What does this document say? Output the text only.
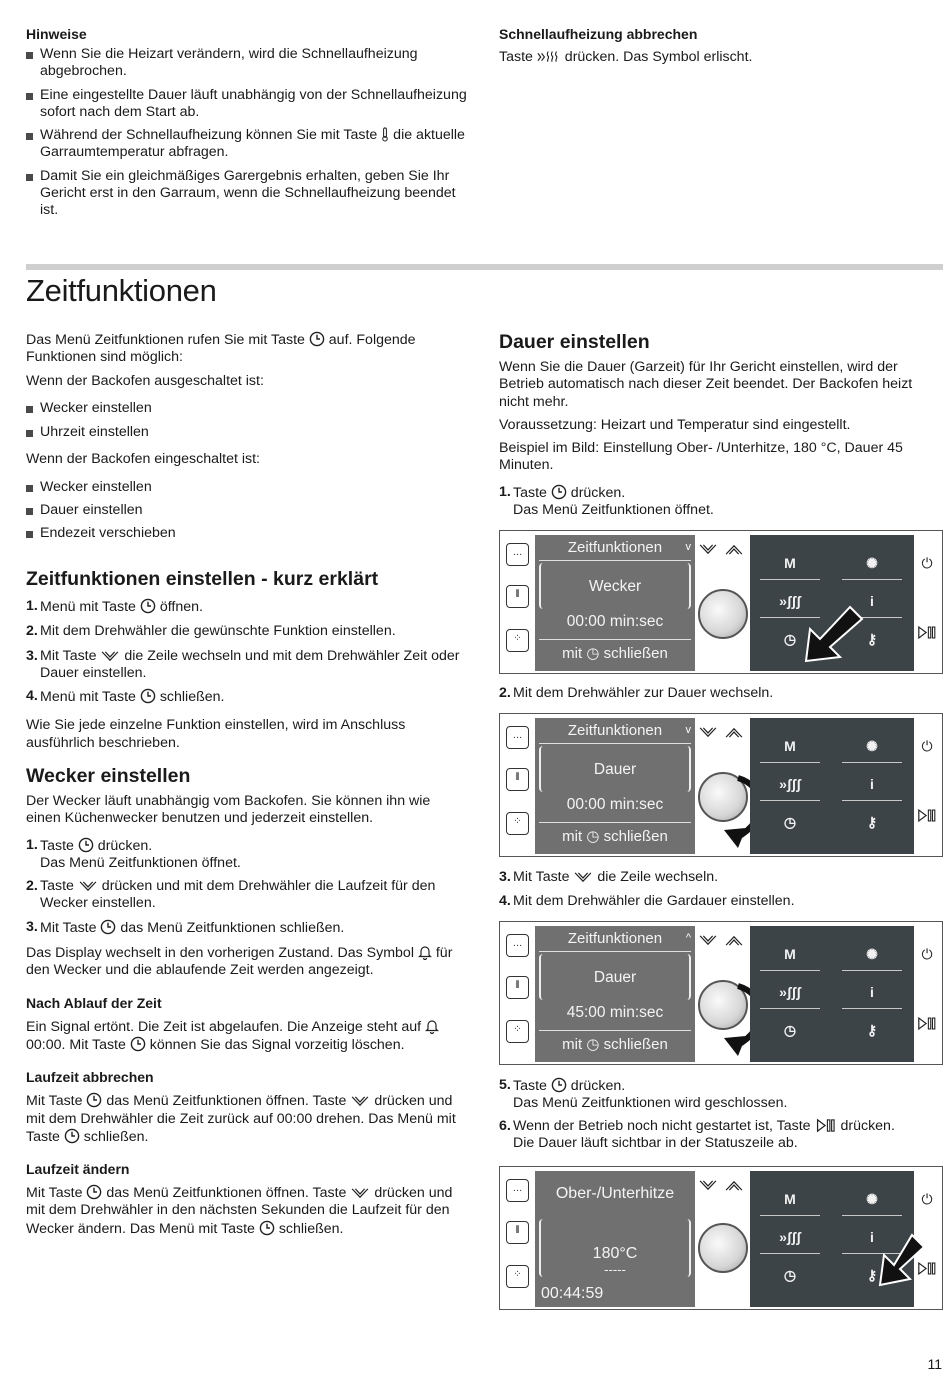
Hinweise
Wenn Sie die Heizart verändern, wird die Schnellaufheizung abgebrochen.
Eine eingestellte Dauer läuft unabhängig von der Schnellaufheizung sofort nach dem Start ab.
Während der Schnellaufheizung können Sie mit Taste  die aktuelle Garraumtemperatur abfragen.
Damit Sie ein gleichmäßiges Garergebnis erhalten, geben Sie Ihr Gericht erst in den Garraum, wenn die Schnellaufheizung beendet ist.
Schnellaufheizung abbrechen
Taste  drücken. Das Symbol erlischt.
Zeitfunktionen
Das Menü Zeitfunktionen rufen Sie mit Taste  auf. Folgende Funktionen sind möglich:
Wenn der Backofen ausgeschaltet ist:
Wecker einstellen
Uhrzeit einstellen
Wenn der Backofen eingeschaltet ist:
Wecker einstellen
Dauer einstellen
Endezeit verschieben
Zeitfunktionen einstellen - kurz erklärt
1. Menü mit Taste  öffnen.
2. Mit dem Drehwähler die gewünschte Funktion einstellen.
3. Mit Taste  die Zeile wechseln und mit dem Drehwähler Zeit oder Dauer einstellen.
4. Menü mit Taste  schließen.
Wie Sie jede einzelne Funktion einstellen, wird im Anschluss ausführlich beschrieben.
Wecker einstellen
Der Wecker läuft unabhängig vom Backofen. Sie können ihn wie einen Küchenwecker benutzen und jederzeit einstellen.
1. Taste  drücken.
Das Menü Zeitfunktionen öffnet.
2. Taste  drücken und mit dem Drehwähler die Laufzeit für den Wecker einstellen.
3. Mit Taste  das Menü Zeitfunktionen schließen.
Das Display wechselt in den vorherigen Zustand. Das Symbol  für den Wecker und die ablaufende Zeit werden angezeigt.
Nach Ablauf der Zeit
Ein Signal ertönt. Die Zeit ist abgelaufen. Die Anzeige steht auf  00:00. Mit Taste  können Sie das Signal vorzeitig löschen.
Laufzeit abbrechen
Mit Taste  das Menü Zeitfunktionen öffnen. Taste  drücken und mit dem Drehwähler die Zeit zurück auf 00:00 drehen. Das Menü mit Taste  schließen.
Laufzeit ändern
Mit Taste  das Menü Zeitfunktionen öffnen. Taste  drücken und mit dem Drehwähler in den nächsten Sekunden die Laufzeit für den Wecker ändern. Das Menü mit Taste  schließen.
Dauer einstellen
Wenn Sie die Dauer (Garzeit) für Ihr Gericht einstellen, wird der Betrieb automatisch nach dieser Zeit beendet. Der Backofen heizt nicht mehr.
Voraussetzung: Heizart und Temperatur sind eingestellt.
Beispiel im Bild: Einstellung Ober- /Unterhitze, 180 °C, Dauer 45 Minuten.
1. Taste  drücken.
Das Menü Zeitfunktionen öffnet.
2. Mit dem Drehwähler zur Dauer wechseln.
3. Mit Taste  die Zeile wechseln.
4. Mit dem Drehwähler die Gardauer einstellen.
5. Taste  drücken.
Das Menü Zeitfunktionen wird geschlossen.
6. Wenn der Betrieb noch nicht gestartet ist, Taste  drücken.
Die Dauer läuft sichtbar in der Statuszeile ab.
…
⫴
⁘
Zeitfunktionen	v
Wecker
00:00 min:sec
mit ◷ schließen
M	✺
»ʃʃʃ	i
◷	⚷
⏻
…
⫴
⁘
Zeitfunktionen	v
Dauer
00:00 min:sec
mit ◷ schließen
M	✺
»ʃʃʃ	i
◷	⚷
⏻
…
⫴
⁘
Zeitfunktionen	^
Dauer
45:00 min:sec
mit ◷ schließen
M	✺
»ʃʃʃ	i
◷	⚷
⏻
…
⫴
⁘
Ober-/Unterhitze
180°C
-----
00:44:59
M	✺
»ʃʃʃ	i
◷	⚷
⏻
11
